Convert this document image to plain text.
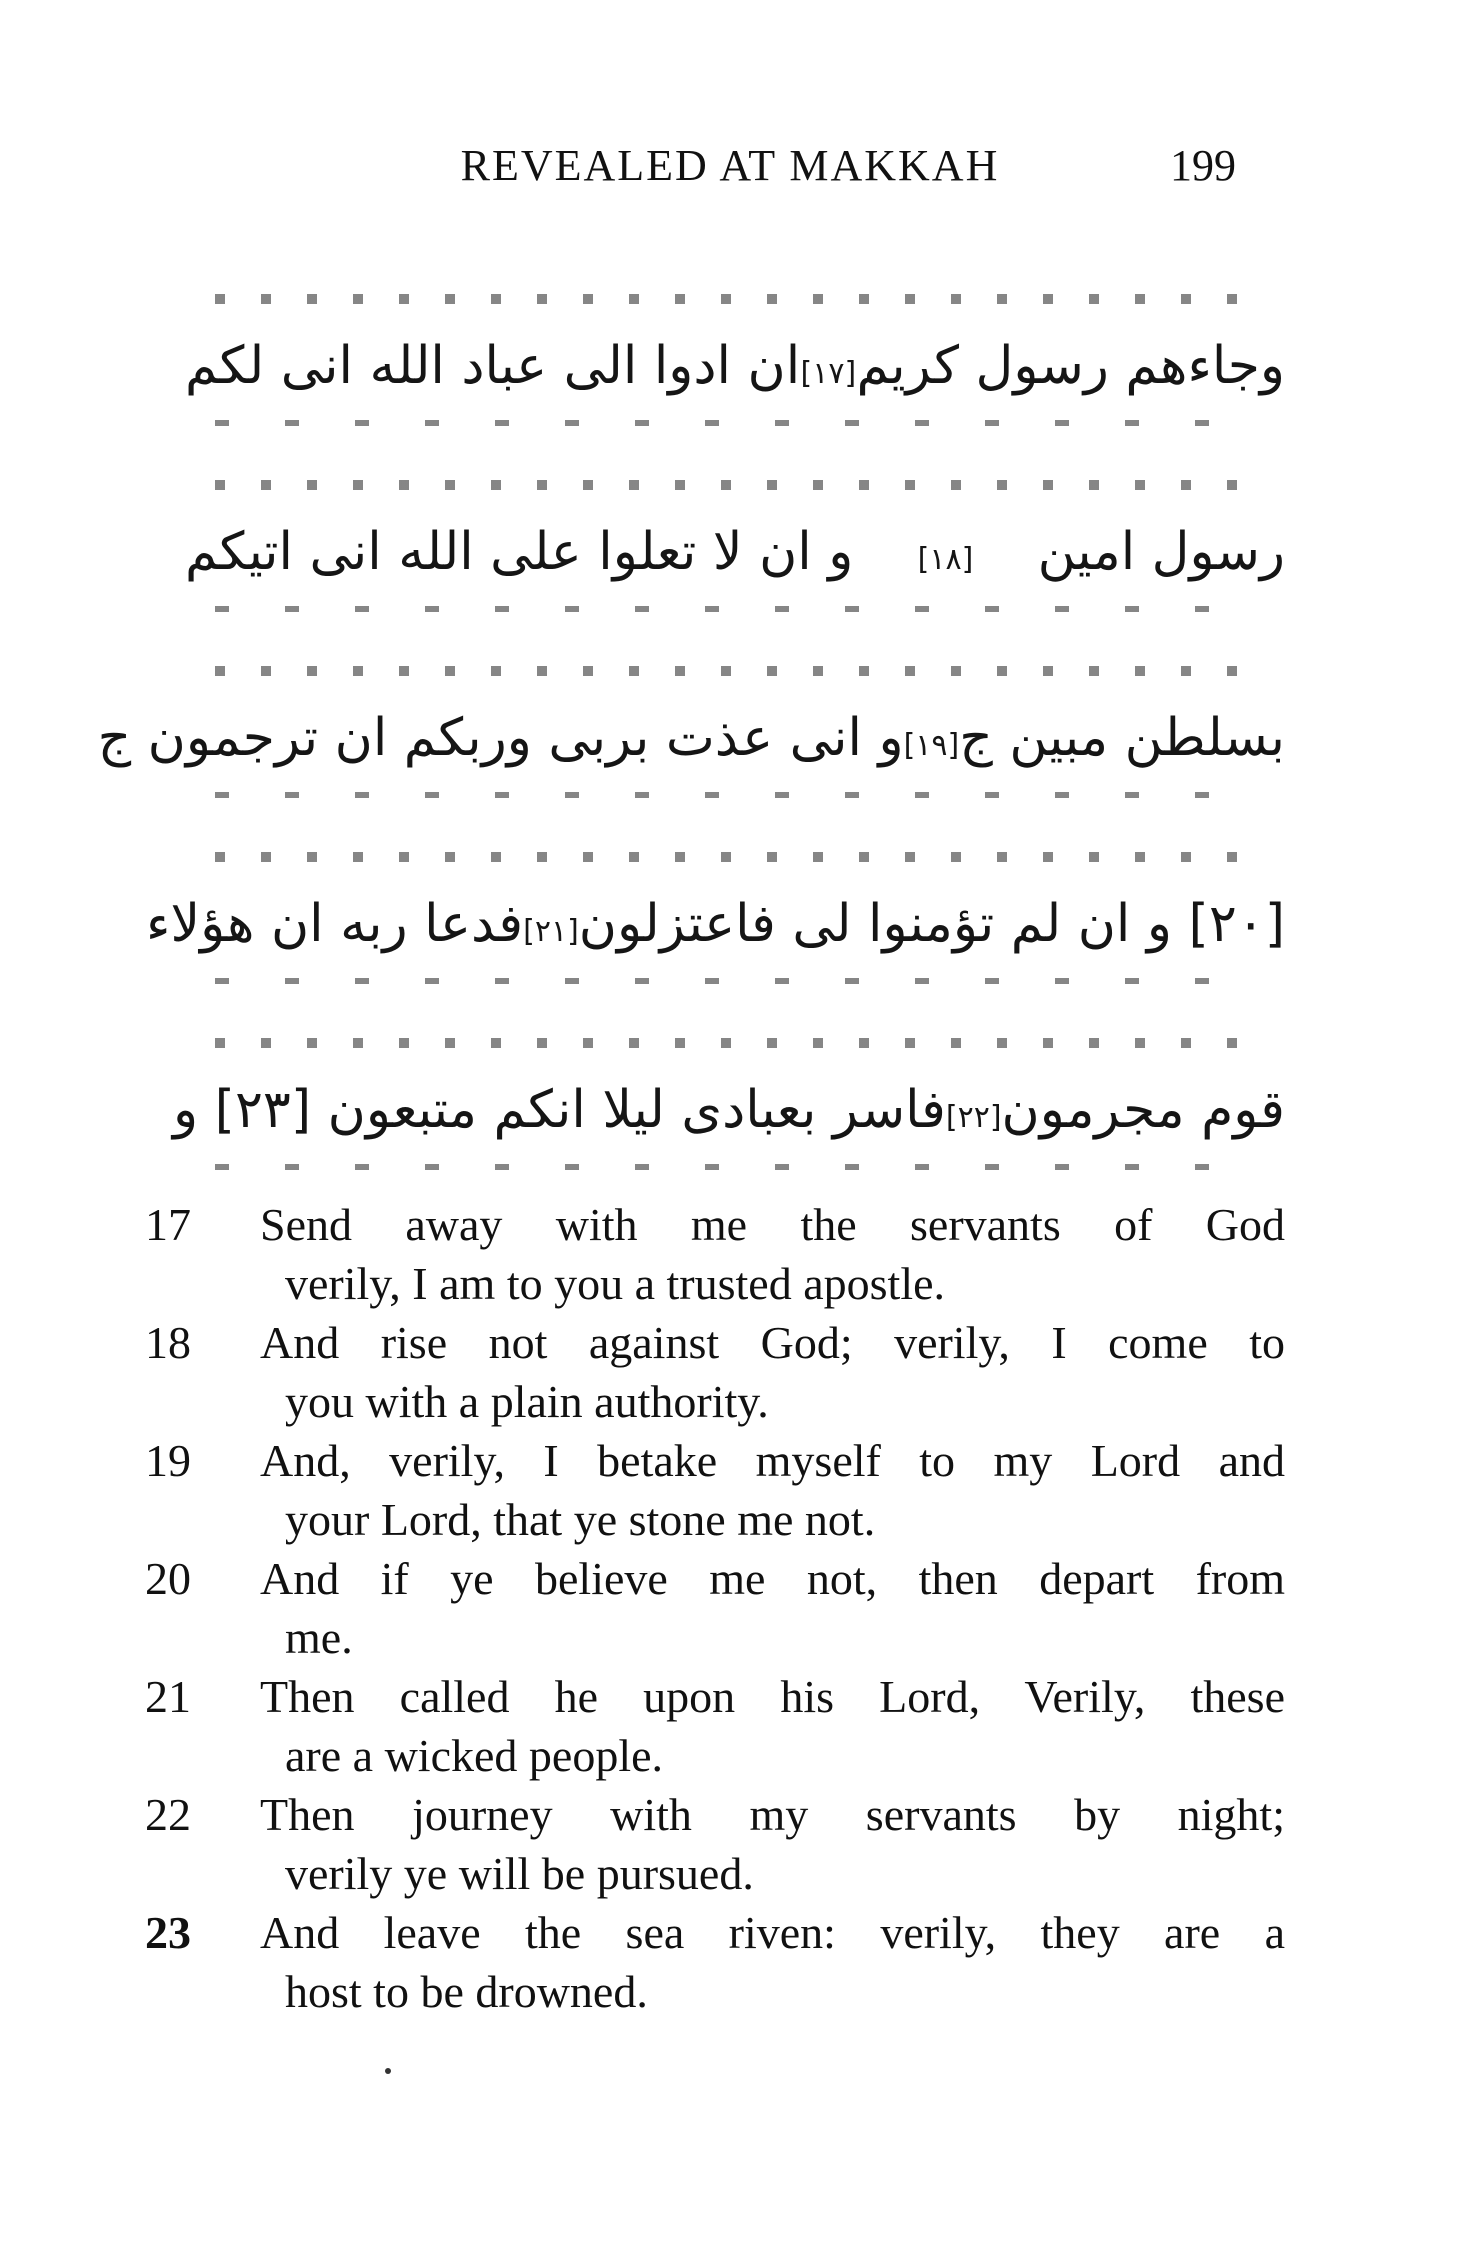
REVEALED AT MAKKAH	199
وجاءهم رسول كريم
[١٧]
ان ادوا الى عباد الله انى لكم
رسول امين
[١٨]
و ان لا تعلوا على الله انى اتيكم
بسلطن مبين ج
[١٩]
و انى عذت بربى وربكم ان ترجمون ج
[٢٠] و ان لم تؤمنوا لى فاعتزلون
[٢١]
فدعا ربه ان هؤلاء
قوم مجرمون
[٢٢]
فاسر بعبادى ليلا انكم متبعون [٢٣] و
17	Send away with me the servants of God
verily, I am to you a trusted apostle.
18	And rise not against God; verily, I come to
you with a plain authority.
19	And, verily, I betake myself to my Lord and
your Lord, that ye stone me not.
20	And if ye believe me not, then depart from
me.
21	Then called he upon his Lord, Verily, these
are a wicked people.
22	Then journey with my servants by night;
verily ye will be pursued.
23	And leave the sea riven: verily, they are a
host to be drowned.
